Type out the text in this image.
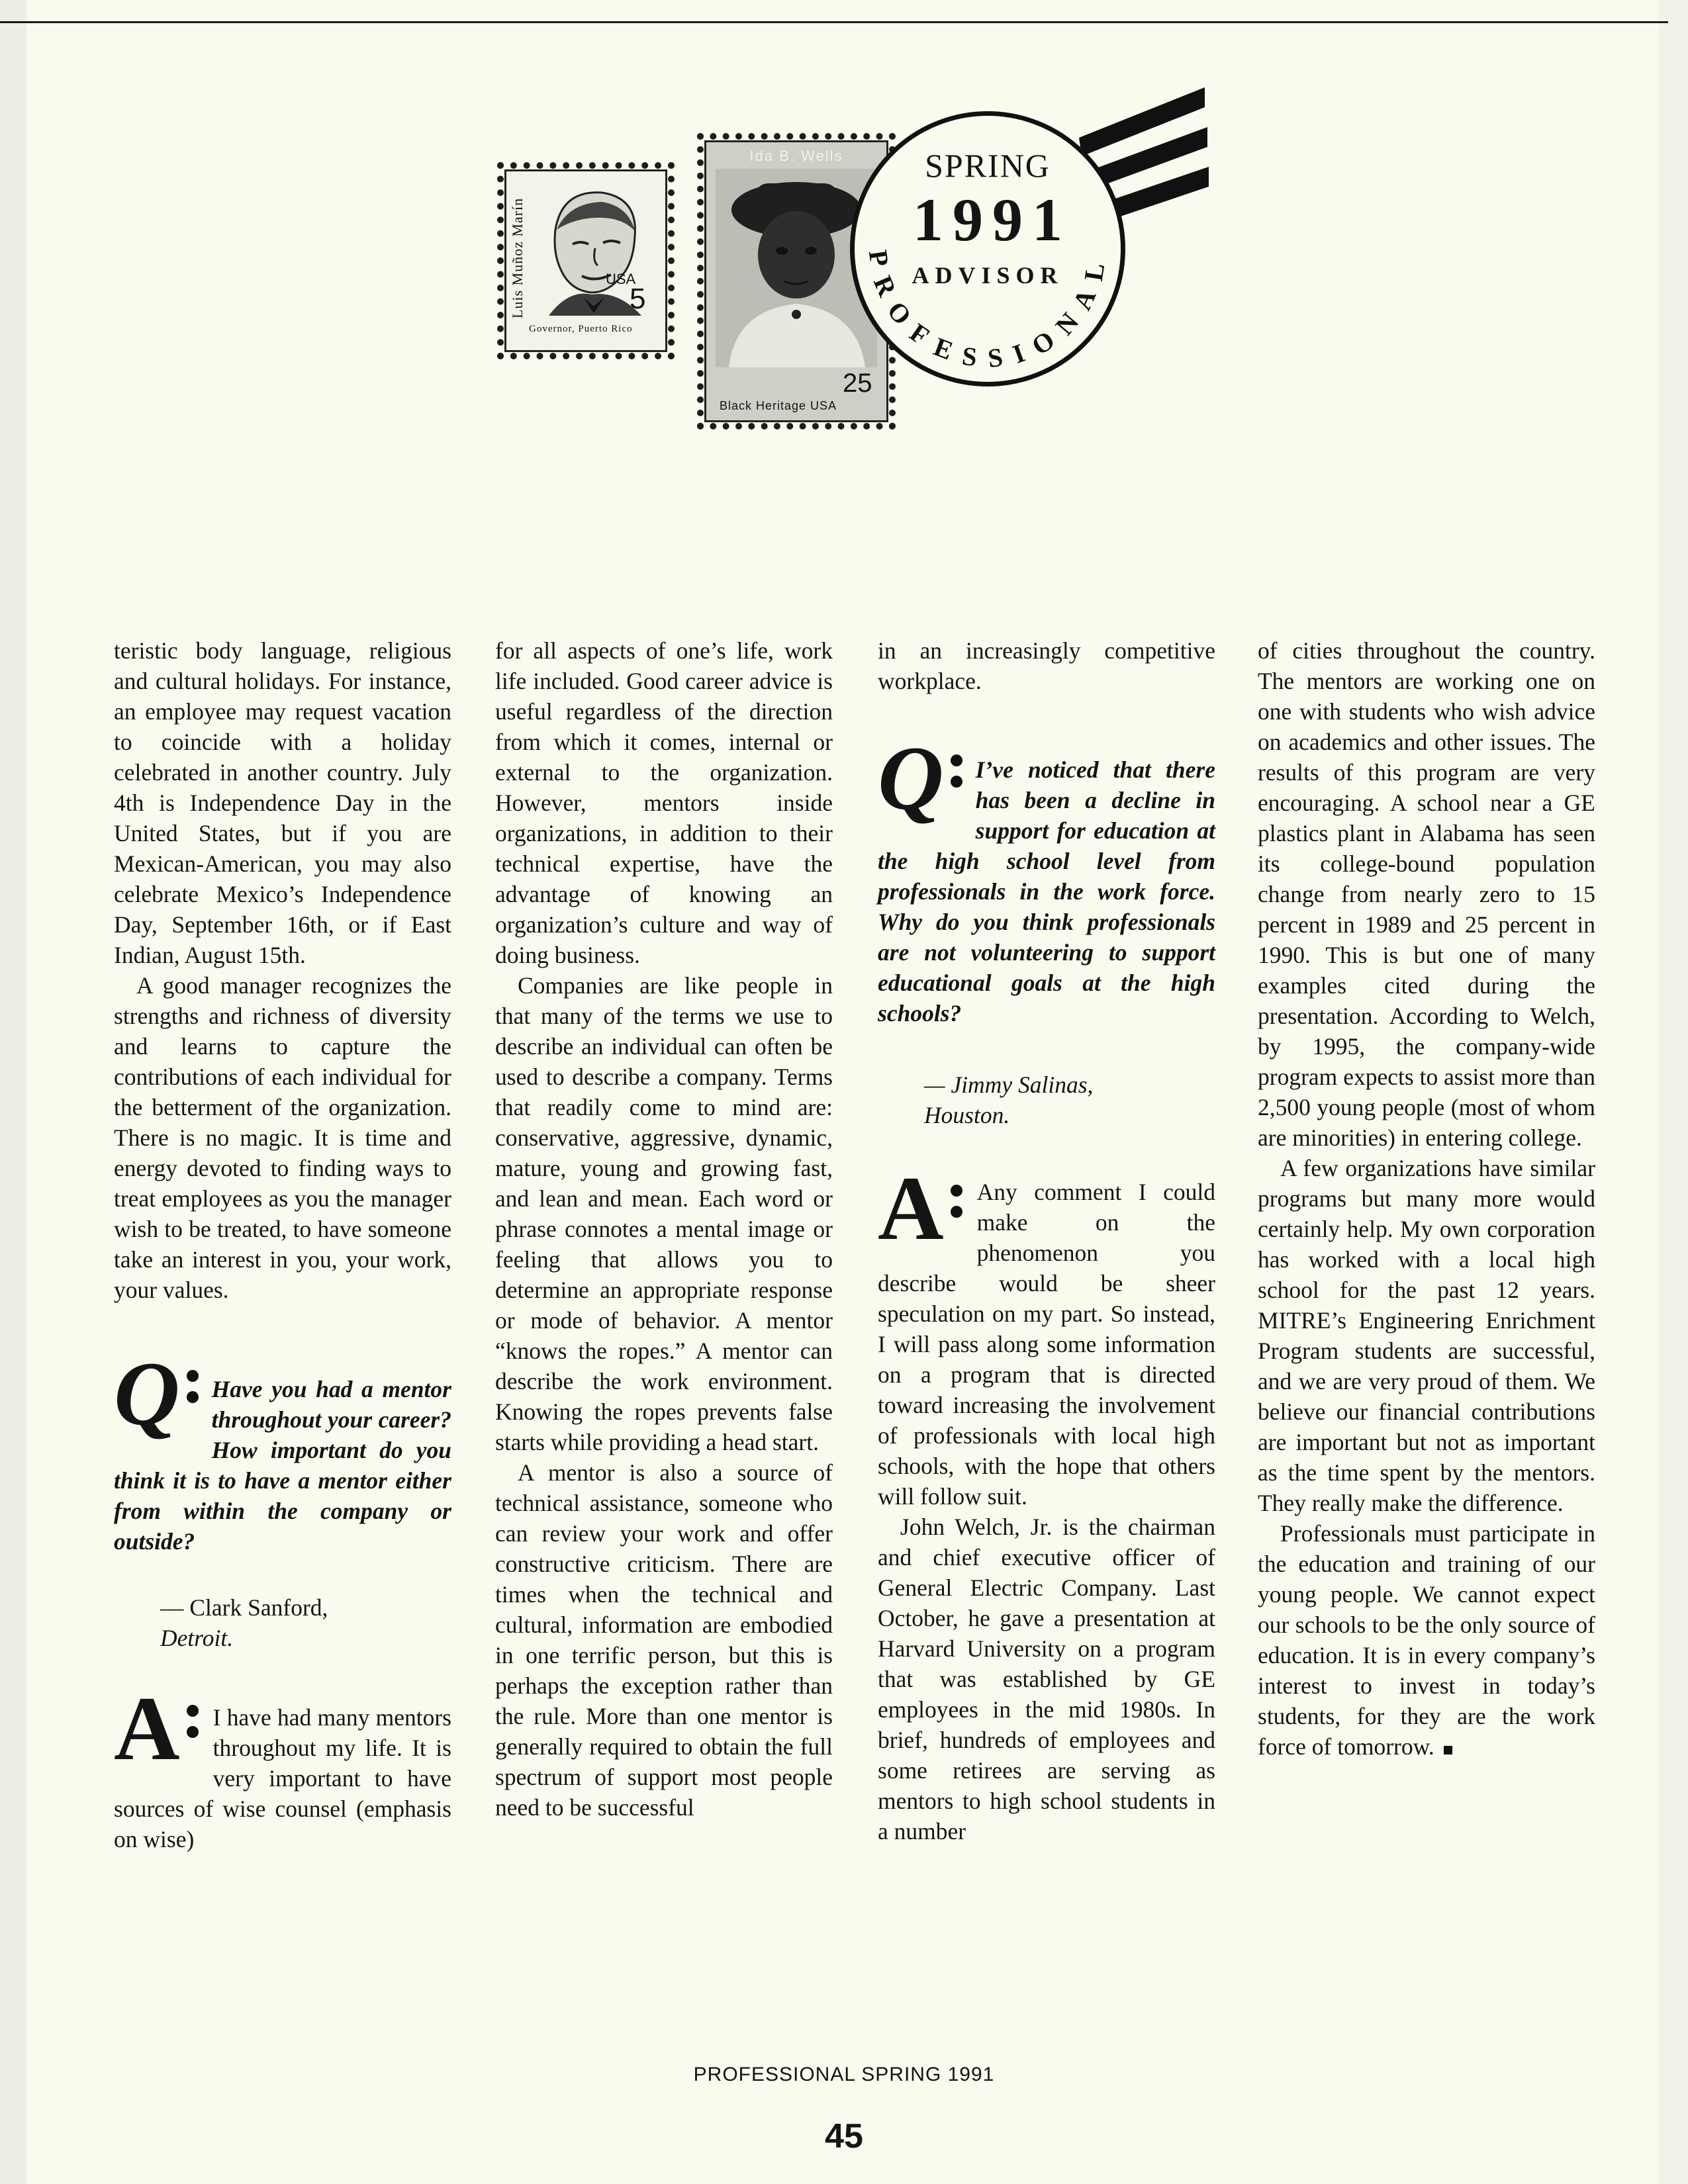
Luis Muñoz Marín	USA
5
Governor, Puerto Rico
Ida B. Wells
25
Black Heritage USA
SPRING
1991
ADVISOR
PROFESSIONAL

teristic body language, religious and cultural holidays. For instance, an employee may request vacation to coincide with a holiday celebrated in another country. July 4th is Independence Day in the United States, but if you are Mexican-American, you may also celebrate Mexico’s Independence Day, September 16th, or if East Indian, August 15th.

A good manager recognizes the strengths and richness of diversity and learns to capture the contributions of each individual for the betterment of the organization. There is no magic. It is time and energy devoted to finding ways to treat employees as you the manager wish to be treated, to have someone take an interest in you, your work, your values.

Q	Have you had a mentor throughout your career? How important do you think it is to have a mentor either from within the company or outside?

— Clark Sanford,
Detroit.
A	I have had many mentors throughout my life. It is very important to have sources of wise counsel (emphasis on wise)

for all aspects of one’s life, work life included. Good career advice is useful regardless of the direction from which it comes, internal or external to the organization. However, mentors inside organizations, in addition to their technical expertise, have the advantage of knowing an organization’s culture and way of doing business.

Companies are like people in that many of the terms we use to describe an individual can often be used to describe a company. Terms that readily come to mind are: conservative, aggressive, dynamic, mature, young and growing fast, and lean and mean. Each word or phrase connotes a mental image or feeling that allows you to determine an appropriate response or mode of behavior. A mentor “knows the ropes.” A mentor can describe the work environment. Knowing the ropes prevents false starts while providing a head start.

A mentor is also a source of technical assistance, someone who can review your work and offer constructive criticism. There are times when the technical and cultural, information are embodied in one terrific person, but this is perhaps the exception rather than the rule. More than one mentor is generally required to obtain the full spectrum of support most people need to be successful

in an increasingly competitive workplace.

Q	I’ve noticed that there has been a decline in support for education at the high school level from professionals in the work force. Why do you think professionals are not volunteering to support educational goals at the high schools?

— Jimmy Salinas,
Houston.
A	Any comment I could make on the phenomenon you describe would be sheer speculation on my part. So instead, I will pass along some information on a program that is directed toward increasing the involvement of professionals with local high schools, with the hope that others will follow suit.

John Welch, Jr. is the chairman and chief executive officer of General Electric Company. Last October, he gave a presentation at Harvard University on a program that was established by GE employees in the mid 1980s. In brief, hundreds of employees and some retirees are serving as mentors to high school students in a number

of cities throughout the country. The mentors are working one on one with students who wish advice on academics and other issues. The results of this program are very encouraging. A school near a GE plastics plant in Alabama has seen its college-bound population change from nearly zero to 15 percent in 1989 and 25 percent in 1990. This is but one of many examples cited during the presentation. According to Welch, by 1995, the company-wide program expects to assist more than 2,500 young people (most of whom are minorities) in entering college.

A few organizations have similar programs but many more would certainly help. My own corporation has worked with a local high school for the past 12 years. MITRE’s Engineering Enrichment Program students are successful, and we are very proud of them. We believe our financial contributions are important but not as important as the time spent by the mentors. They really make the difference.

Professionals must participate in the education and training of our young people. We cannot expect our schools to be the only source of education. It is in every company’s interest to invest in today’s students, for they are the work force of tomorrow.

PROFESSIONAL SPRING 1991
45
